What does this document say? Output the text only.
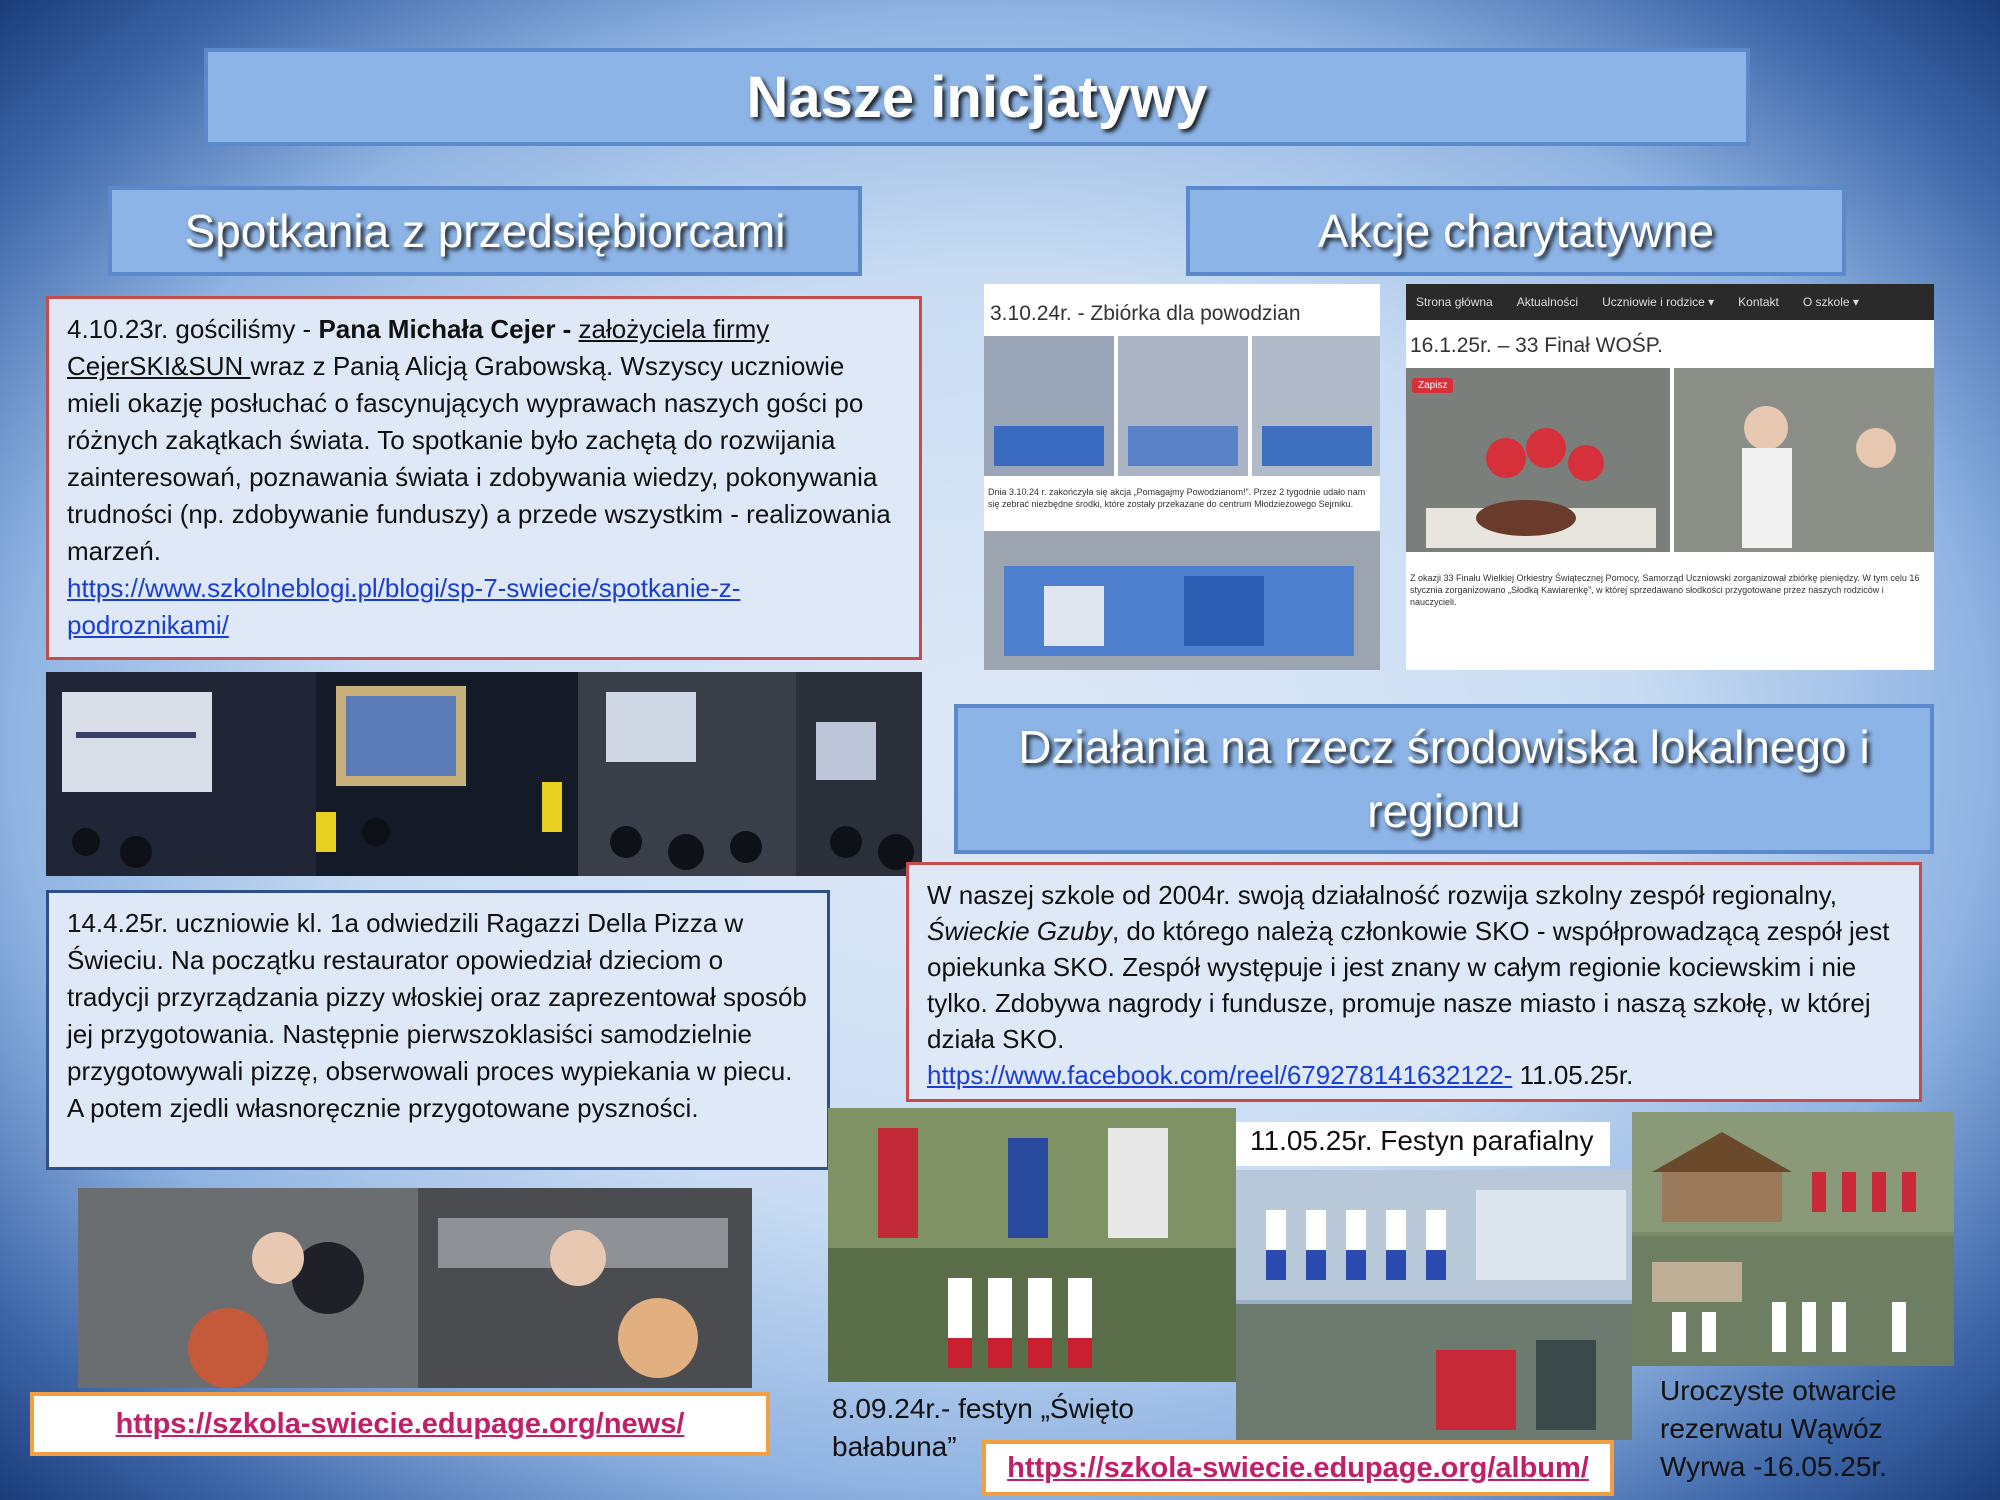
Nasze inicjatywy
Spotkania z przedsiębiorcami	Akcje charytatywne
Działania na rzecz środowiska lokalnego i regionu
4.10.23r. gościliśmy - Pana Michała Cejer - założyciela firmy CejerSKI&SUN wraz z Panią Alicją Grabowską. Wszyscy uczniowie mieli okazję posłuchać o fascynujących wyprawach naszych gości po różnych zakątkach świata. To spotkanie było zachętą do rozwijania zainteresowań, poznawania świata i zdobywania wiedzy, pokonywania trudności (np. zdobywanie funduszy) a przede wszystkim - realizowania marzeń.
https://www.szkolneblogi.pl/blogi/sp-7-swiecie/spotkanie-z-podroznikami/
14.4.25r. uczniowie kl. 1a odwiedzili Ragazzi Della Pizza w Świeciu. Na początku restaurator opowiedział dzieciom o tradycji przyrządzania pizzy włoskiej oraz zaprezentował sposób jej przygotowania. Następnie pierwszoklasiści samodzielnie przygotowywali pizzę, obserwowali proces wypiekania w piecu. A potem zjedli własnoręcznie przygotowane pyszności.
3.10.24r. - Zbiórka dla powodzian
Dnia 3.10.24 r. zakończyła się akcja „Pomagajmy Powodzianom!”. Przez 2 tygodnie udało nam się zebrać niezbędne środki, które zostały przekazane do centrum Młodzieżowego Sejmiku.
Strona główna Aktualności Uczniowie i rodzice ▾ Kontakt O szkole ▾
16.1.25r. – 33 Finał WOŚP.
Zapisz
Z okazji 33 Finału Wielkiej Orkiestry Świątecznej Pomocy, Samorząd Uczniowski zorganizował zbiórkę pieniędzy. W tym celu 16 stycznia zorganizowano „Słodką Kawiarenkę”, w której sprzedawano słodkości przygotowane przez naszych rodziców i nauczycieli.
W naszej szkole od 2004r. swoją działalność rozwija szkolny zespół regionalny, Świeckie Gzuby, do którego należą członkowie SKO - współprowadzącą zespół jest opiekunka SKO. Zespół występuje i jest znany w całym regionie kociewskim i nie tylko. Zdobywa nagrody i fundusze, promuje nasze miasto i naszą szkołę, w której działa SKO.
https://www.facebook.com/reel/679278141632122- 11.05.25r.
11.05.25r. Festyn parafialny
8.09.24r.- festyn „Święto bałabuna”
Uroczyste otwarcie rezerwatu Wąwóz Wyrwa -16.05.25r.
https://szkola-swiecie.edupage.org/news/
https://szkola-swiecie.edupage.org/album/
